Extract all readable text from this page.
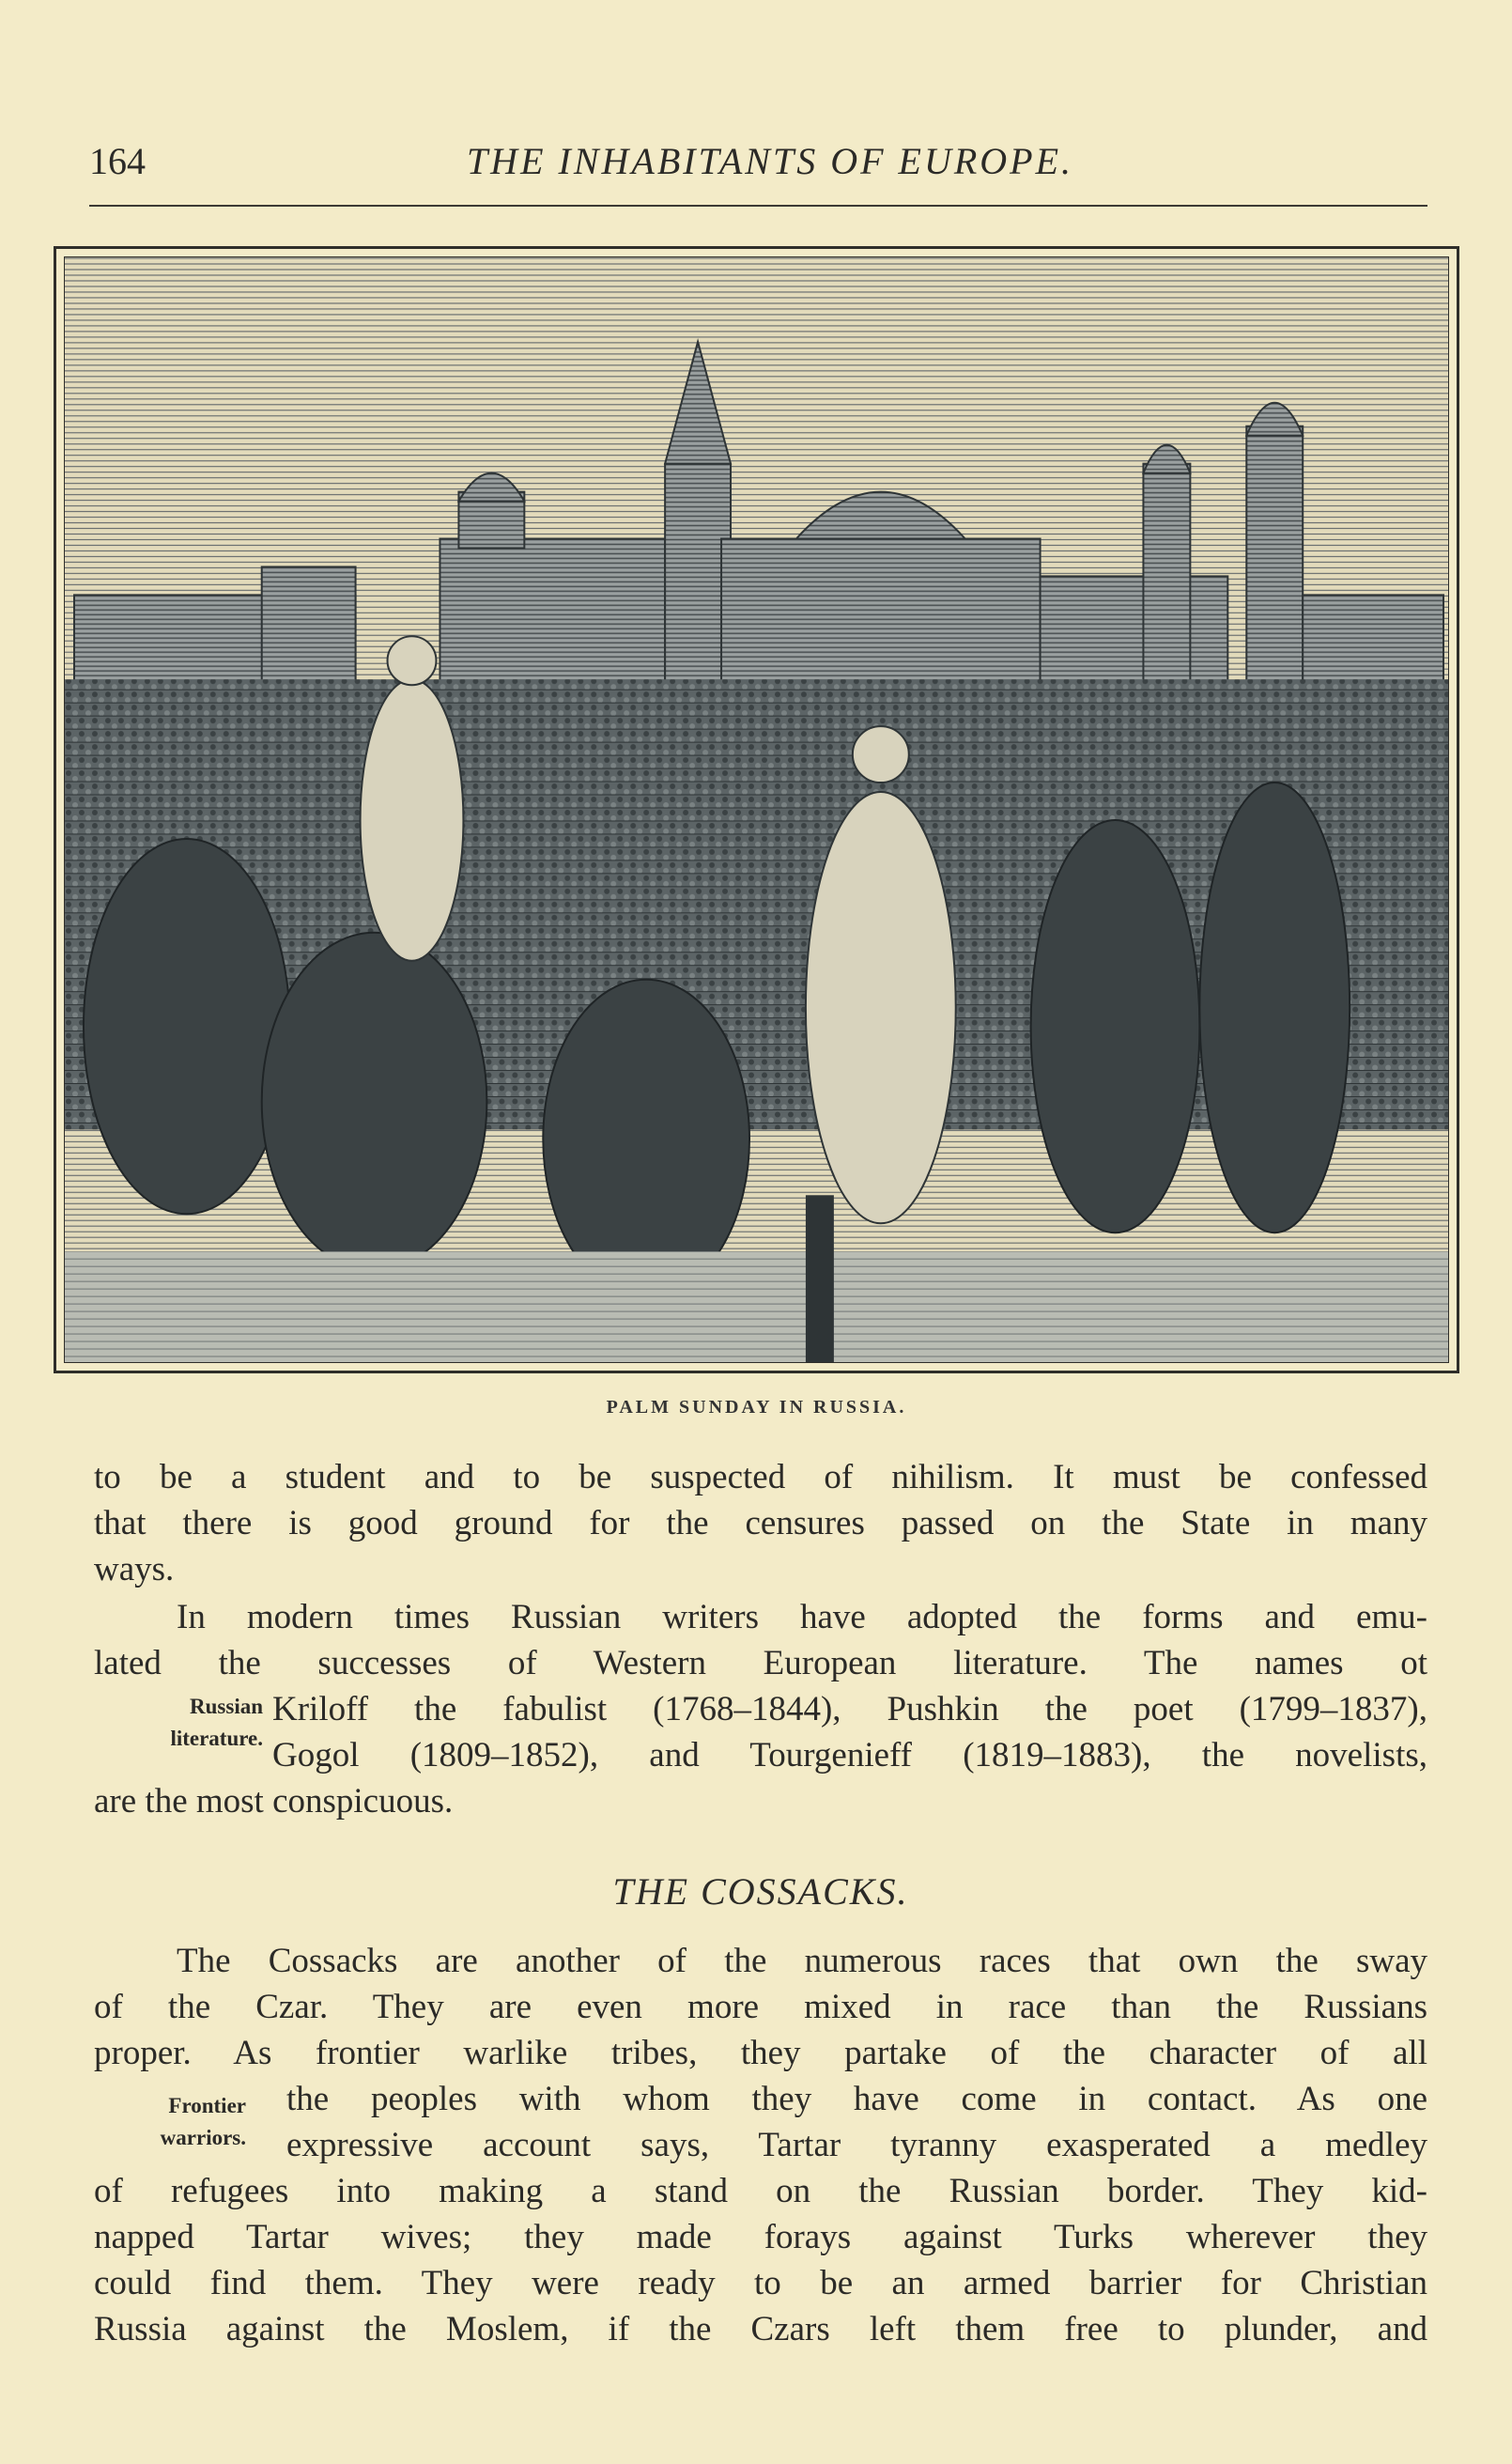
164	THE INHABITANTS OF EUROPE.
PALM SUNDAY IN RUSSIA.
to be a student and to be suspected of nihilism. It must be confessed
that there is good ground for the censures passed on the State in many
ways.
In modern times Russian writers have adopted the forms and emu-
lated the successes of Western European literature. The names ot
Kriloff the fabulist (1768–1844), Pushkin the poet (1799–1837),
Gogol (1809–1852), and Tourgenieff (1819–1883), the novelists,
are the most conspicuous.
Russian
literature.
THE COSSACKS.
The Cossacks are another of the numerous races that own the sway
of the Czar. They are even more mixed in race than the Russians
proper. As frontier warlike tribes, they partake of the character of all
the peoples with whom they have come in contact. As one
expressive account says, Tartar tyranny exasperated a medley
of refugees into making a stand on the Russian border. They kid-
napped Tartar wives; they made forays against Turks wherever they
could find them. They were ready to be an armed barrier for Christian
Russia against the Moslem, if the Czars left them free to plunder, and
Frontier
warriors.
